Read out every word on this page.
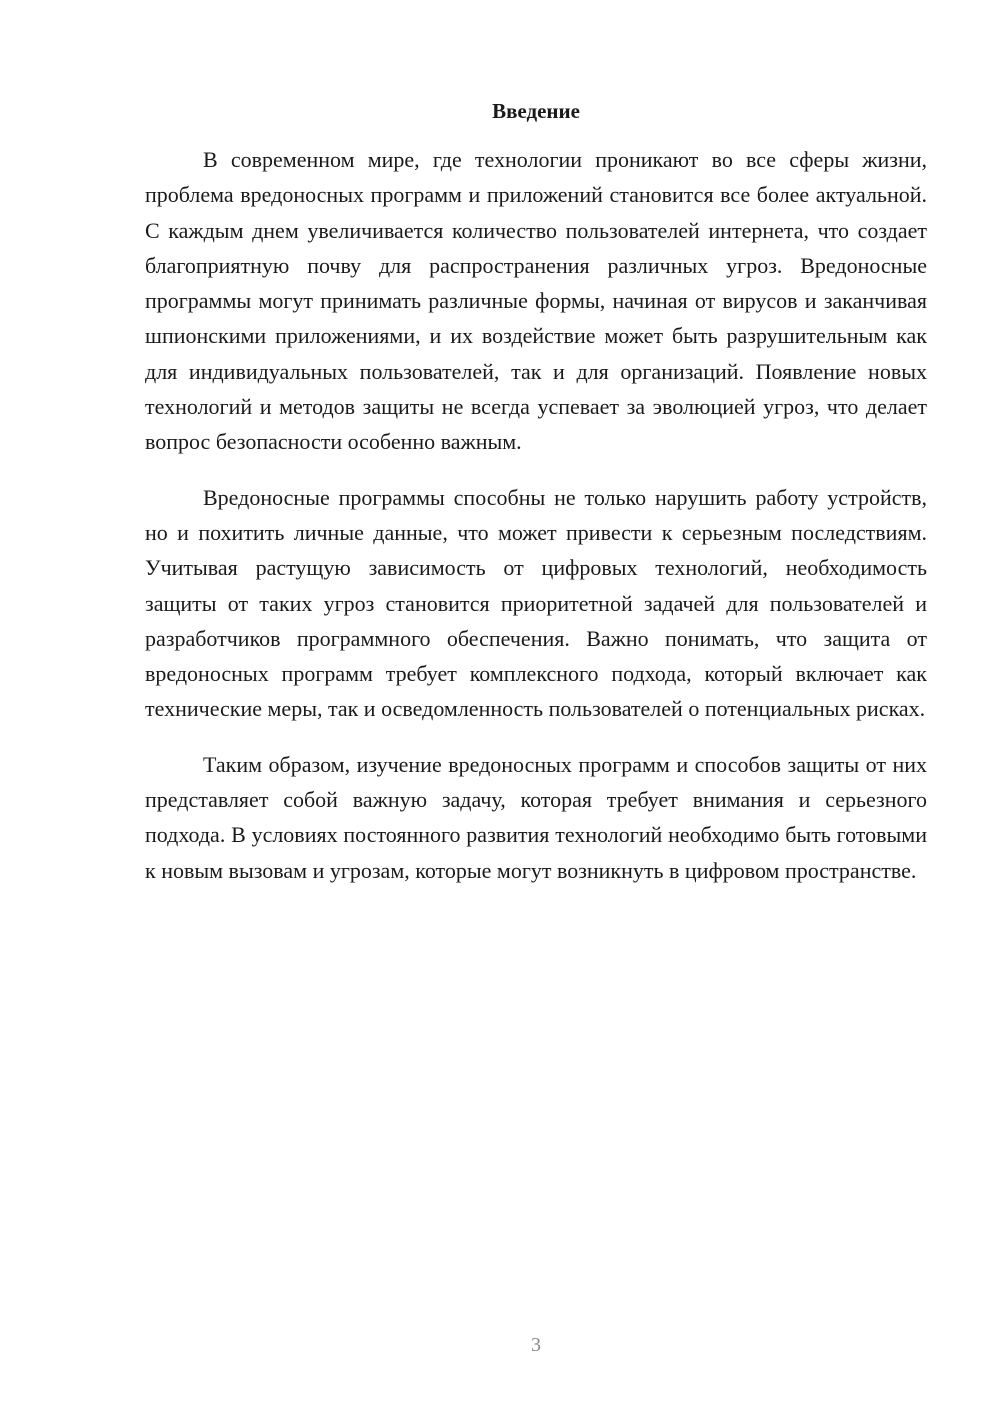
Введение

В современном мире, где технологии проникают во все сферы жизни, проблема вредоносных программ и приложений становится все более актуальной. С каждым днем увеличивается количество пользователей интернета, что создает благоприятную почву для распространения различных угроз. Вредоносные программы могут принимать различные формы, начиная от вирусов и заканчивая шпионскими приложениями, и их воздействие может быть разрушительным как для индивидуальных пользователей, так и для организаций. Появление новых технологий и методов защиты не всегда успевает за эволюцией угроз, что делает вопрос безопасности особенно важным.

Вредоносные программы способны не только нарушить работу устройств, но и похитить личные данные, что может привести к серьезным последствиям. Учитывая растущую зависимость от цифровых технологий, необходимость защиты от таких угроз становится приоритетной задачей для пользователей и разработчиков программного обеспечения. Важно понимать, что защита от вредоносных программ требует комплексного подхода, который включает как технические меры, так и осведомленность пользователей о потенциальных рисках.

Таким образом, изучение вредоносных программ и способов защиты от них представляет собой важную задачу, которая требует внимания и серьезного подхода. В условиях постоянного развития технологий необходимо быть готовыми к новым вызовам и угрозам, которые могут возникнуть в цифровом пространстве.

3
